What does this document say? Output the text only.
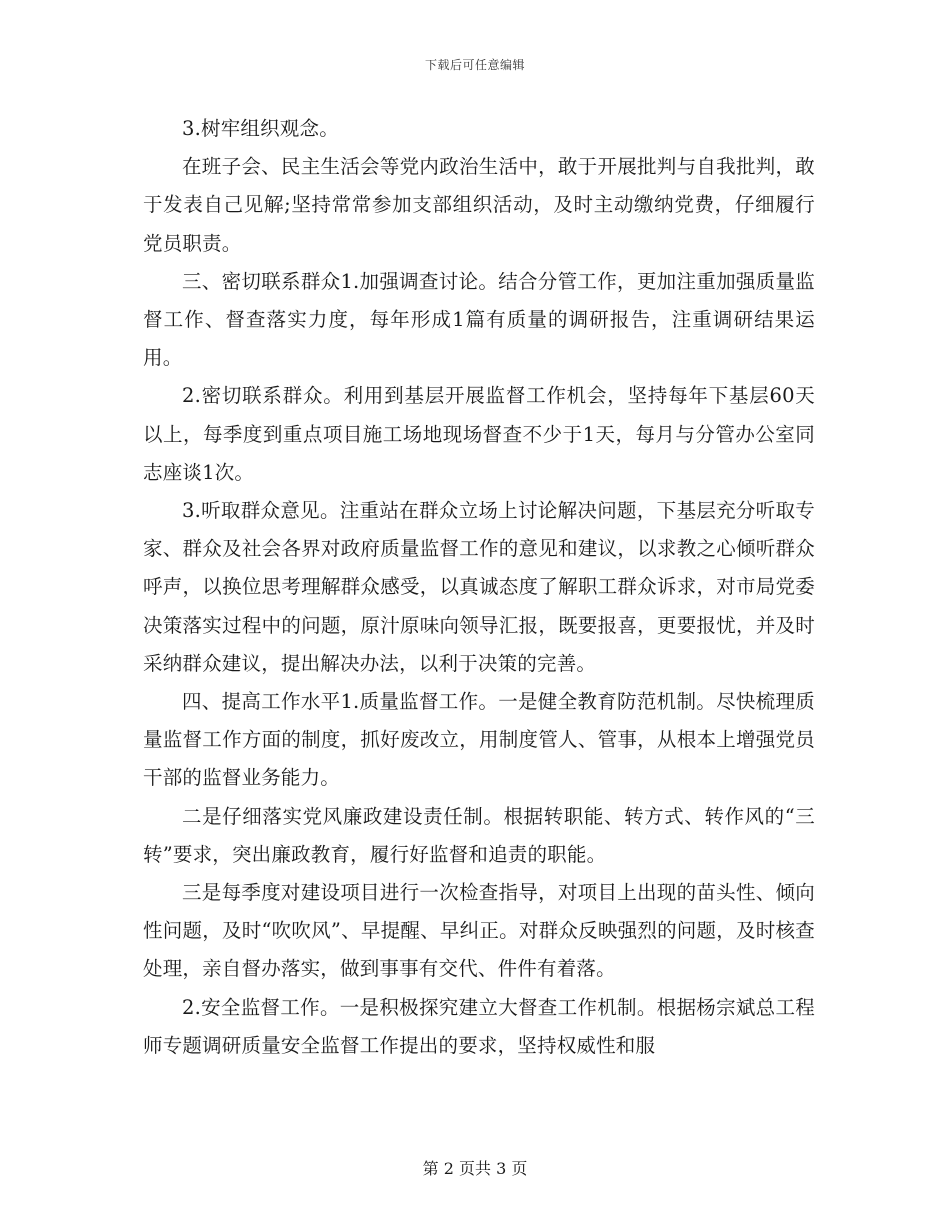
下载后可任意编辑

3.树牢组织观念。

在班子会、民主生活会等党内政治生活中，敢于开展批判与自我批判，敢于发表自己见解;坚持常常参加支部组织活动，及时主动缴纳党费，仔细履行党员职责。

三、密切联系群众1.加强调查讨论。结合分管工作，更加注重加强质量监督工作、督查落实力度，每年形成1篇有质量的调研报告，注重调研结果运用。

2.密切联系群众。利用到基层开展监督工作机会，坚持每年下基层60天以上，每季度到重点项目施工场地现场督查不少于1天，每月与分管办公室同志座谈1次。

3.听取群众意见。注重站在群众立场上讨论解决问题，下基层充分听取专家、群众及社会各界对政府质量监督工作的意见和建议，以求教之心倾听群众呼声，以换位思考理解群众感受，以真诚态度了解职工群众诉求，对市局党委决策落实过程中的问题，原汁原味向领导汇报，既要报喜，更要报忧，并及时采纳群众建议，提出解决办法，以利于决策的完善。

四、提高工作水平1.质量监督工作。一是健全教育防范机制。尽快梳理质量监督工作方面的制度，抓好废改立，用制度管人、管事，从根本上增强党员干部的监督业务能力。

二是仔细落实党风廉政建设责任制。根据转职能、转方式、转作风的“三转”要求，突出廉政教育，履行好监督和追责的职能。

三是每季度对建设项目进行一次检查指导，对项目上出现的苗头性、倾向性问题，及时“吹吹风”、早提醒、早纠正。对群众反映强烈的问题，及时核查处理，亲自督办落实，做到事事有交代、件件有着落。

2.安全监督工作。一是积极探究建立大督查工作机制。根据杨宗斌总工程师专题调研质量安全监督工作提出的要求，坚持权威性和服

第 2 页共 3 页
